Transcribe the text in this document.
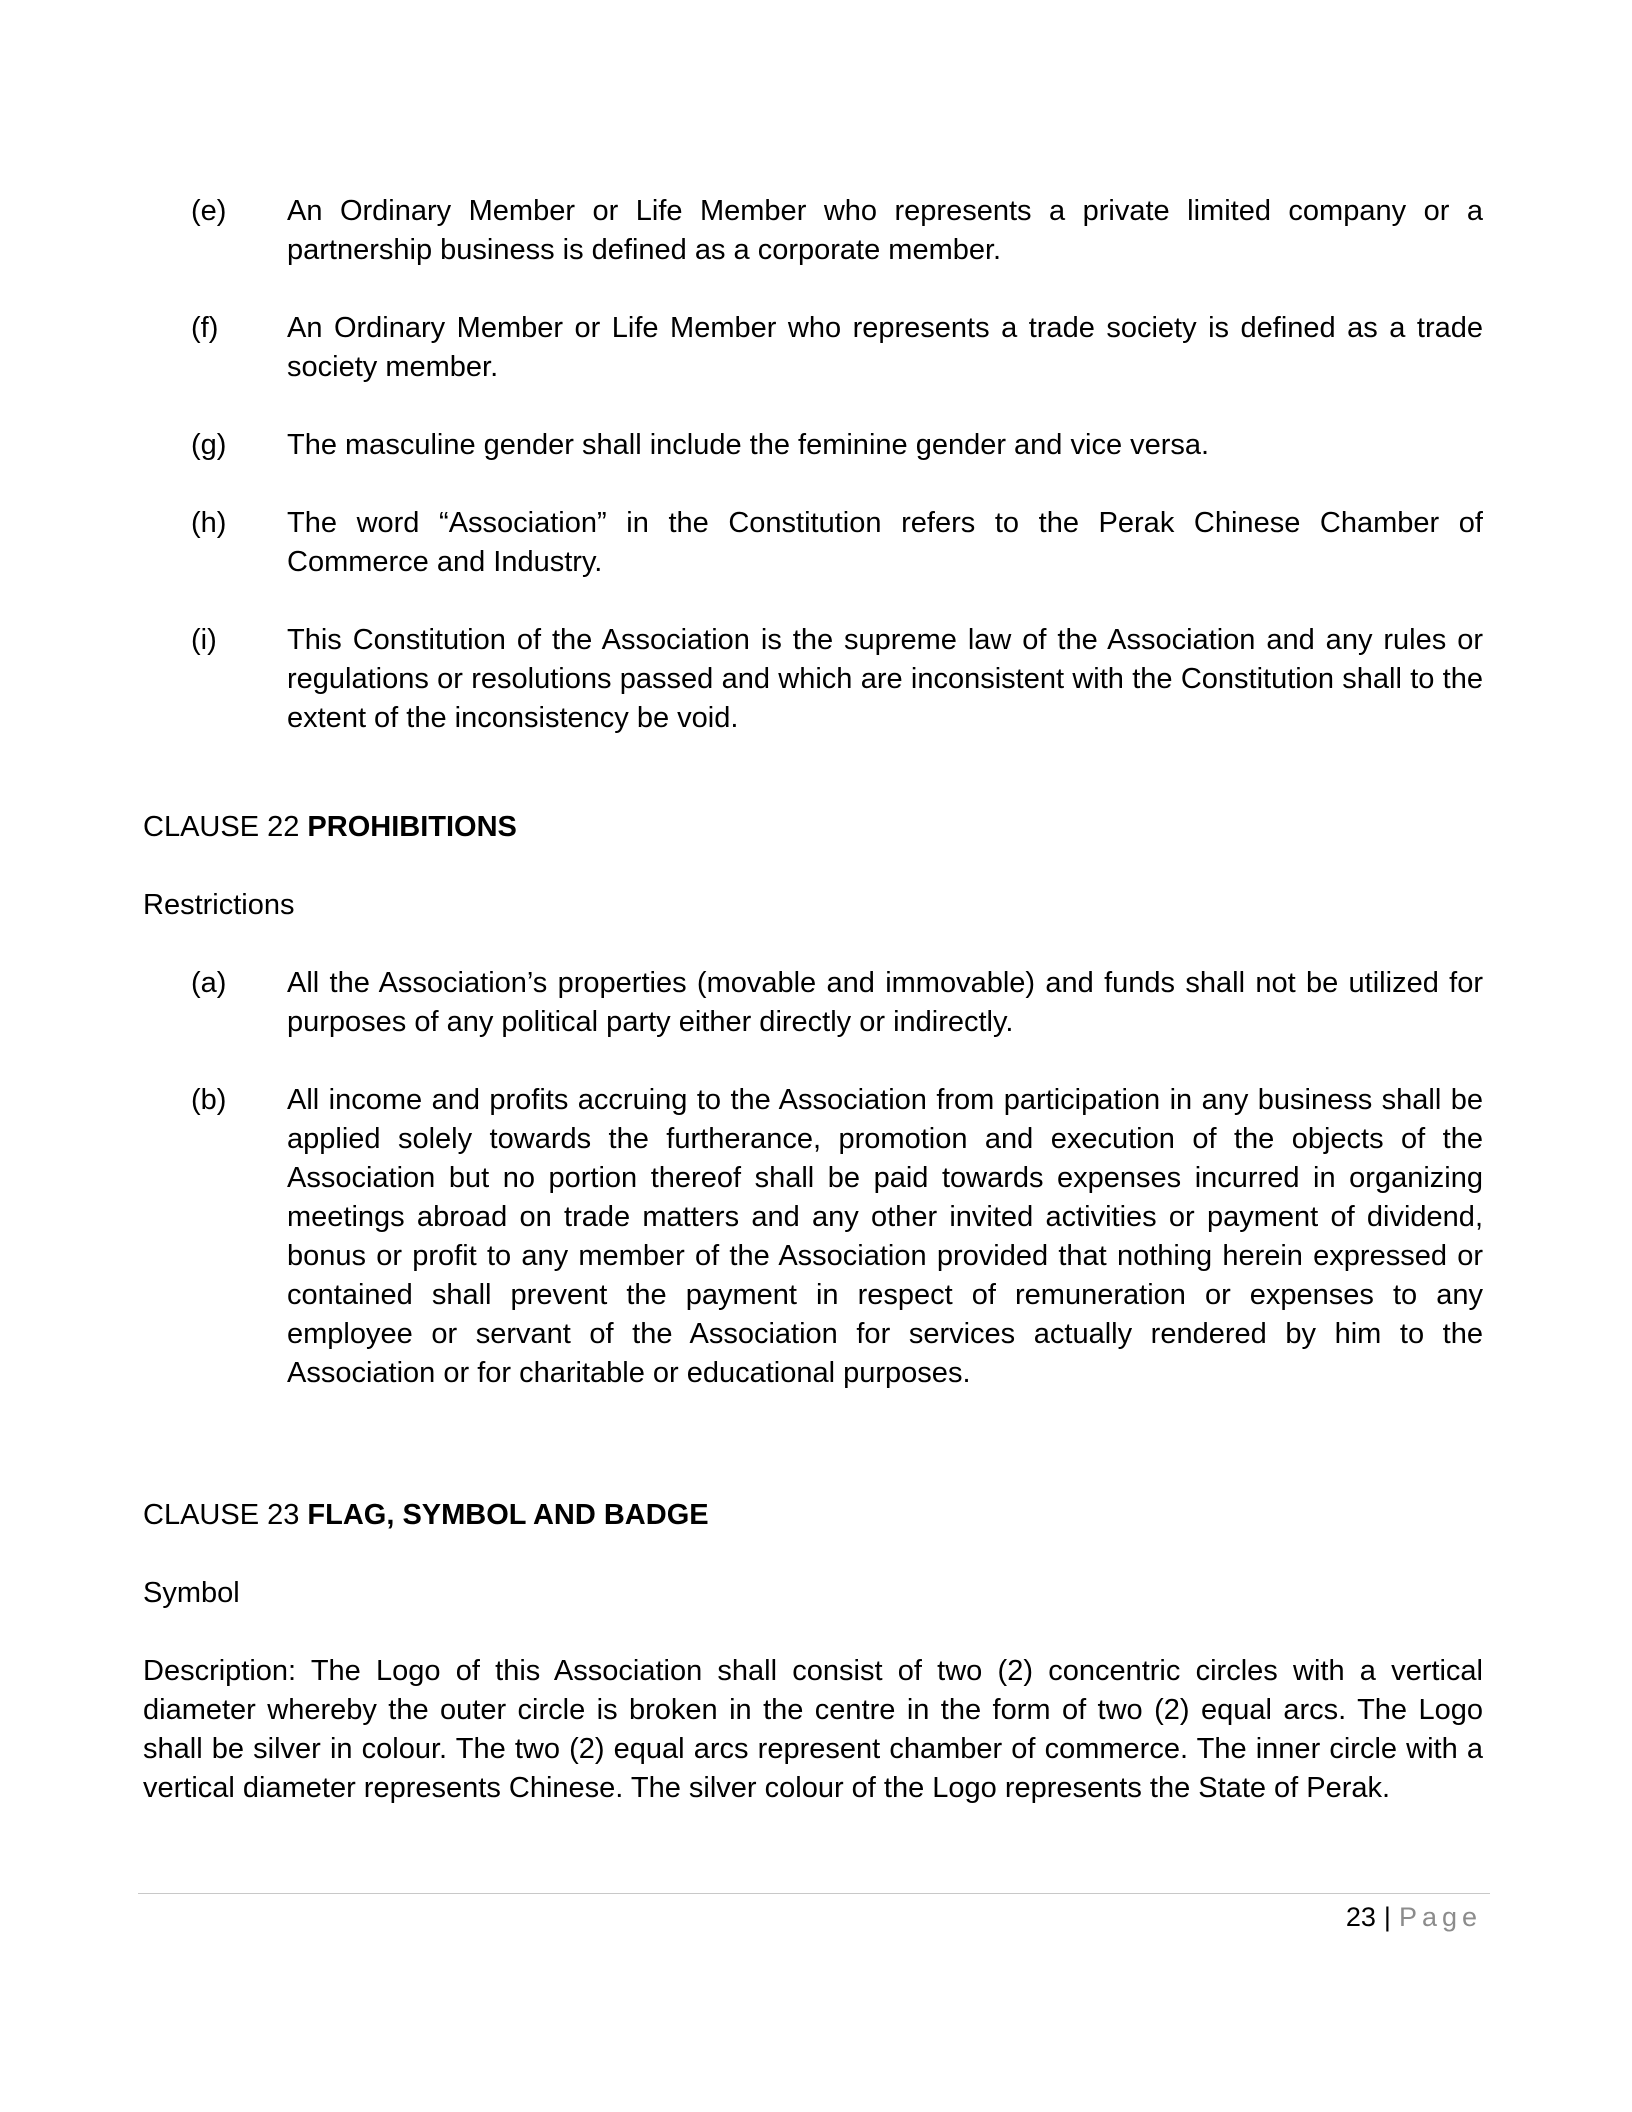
(e)	An Ordinary Member or Life Member who represents a private limited company or a partnership business is defined as a corporate member.
(f)	An Ordinary Member or Life Member who represents a trade society is defined as a trade society member.
(g)	The masculine gender shall include the feminine gender and vice versa.
(h)	The word “Association” in the Constitution refers to the Perak Chinese Chamber of Commerce and Industry.
(i)	This Constitution of the Association is the supreme law of the Association and any rules or regulations or resolutions passed and which are inconsistent with the Constitution shall to the extent of the inconsistency be void.
CLAUSE 22 PROHIBITIONS
Restrictions
(a)	All the Association’s properties (movable and immovable) and funds shall not be utilized for purposes of any political party either directly or indirectly.
(b)	All income and profits accruing to the Association from participation in any business shall be applied solely towards the furtherance, promotion and execution of the objects of the Association but no portion thereof shall be paid towards expenses incurred in organizing meetings abroad on trade matters and any other invited activities or payment of dividend, bonus or profit to any member of the Association provided that nothing herein expressed or contained shall prevent the payment in respect of remuneration or expenses to any employee or servant of the Association for services actually rendered by him to the Association or for charitable or educational purposes.
CLAUSE 23 FLAG, SYMBOL AND BADGE
Symbol
Description: The Logo of this Association shall consist of two (2) concentric circles with a vertical diameter whereby the outer circle is broken in the centre in the form of two (2) equal arcs. The Logo shall be silver in colour. The two (2) equal arcs represent chamber of commerce. The inner circle with a vertical diameter represents Chinese. The silver colour of the Logo represents the State of Perak.
23 | Page
